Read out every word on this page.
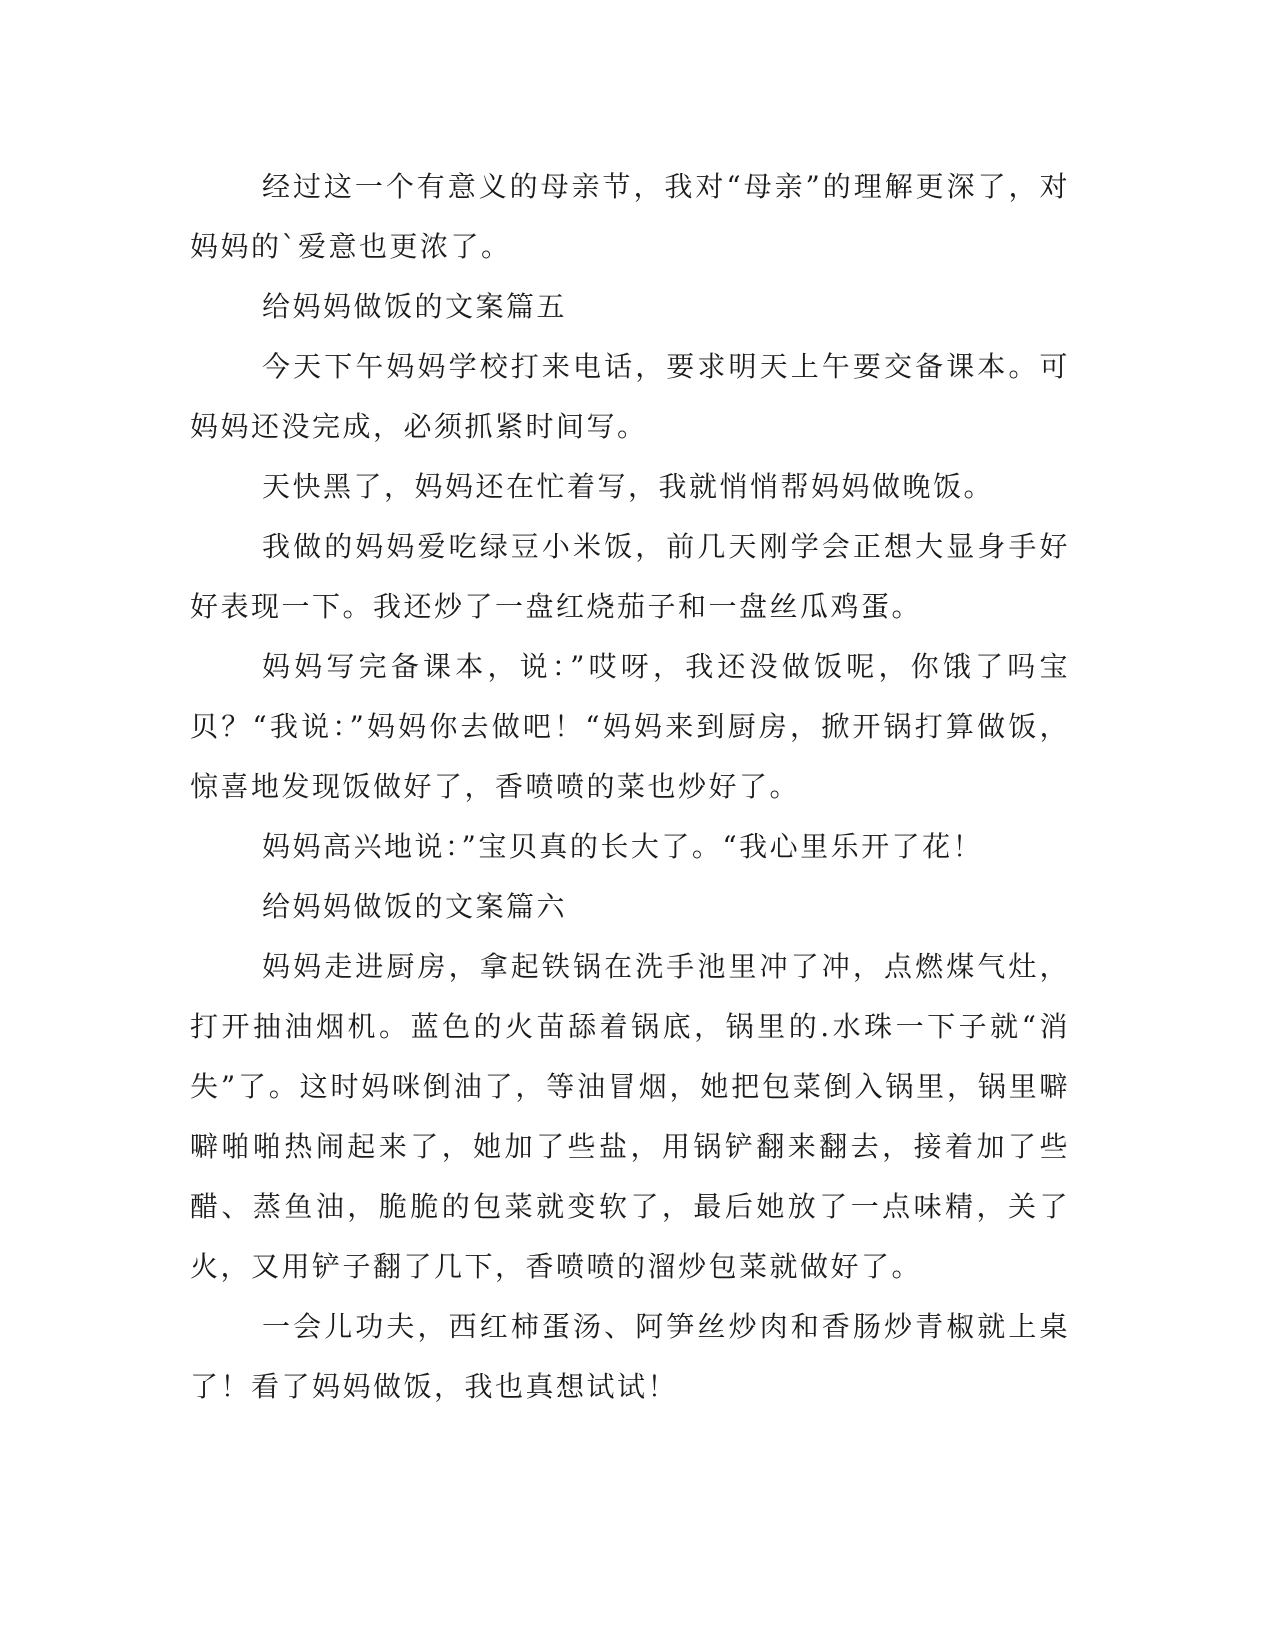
经过这一个有意义的母亲节，我对“母亲”的理解更深了，对妈妈的`爱意也更浓了。

给妈妈做饭的文案篇五

今天下午妈妈学校打来电话，要求明天上午要交备课本。可妈妈还没完成，必须抓紧时间写。

天快黑了，妈妈还在忙着写，我就悄悄帮妈妈做晚饭。

我做的妈妈爱吃绿豆小米饭，前几天刚学会正想大显身手好好表现一下。我还炒了一盘红烧茄子和一盘丝瓜鸡蛋。

妈妈写完备课本，说：”哎呀，我还没做饭呢，你饿了吗宝贝？“我说：”妈妈你去做吧！“妈妈来到厨房，掀开锅打算做饭，惊喜地发现饭做好了，香喷喷的菜也炒好了。

妈妈高兴地说：”宝贝真的长大了。“我心里乐开了花！

给妈妈做饭的文案篇六

妈妈走进厨房，拿起铁锅在洗手池里冲了冲，点燃煤气灶，打开抽油烟机。蓝色的火苗舔着锅底，锅里的.水珠一下子就“消失”了。这时妈咪倒油了，等油冒烟，她把包菜倒入锅里，锅里噼噼啪啪热闹起来了，她加了些盐，用锅铲翻来翻去，接着加了些醋、蒸鱼油，脆脆的包菜就变软了，最后她放了一点味精，关了火，又用铲子翻了几下，香喷喷的溜炒包菜就做好了。

一会儿功夫，西红柿蛋汤、阿笋丝炒肉和香肠炒青椒就上桌了！看了妈妈做饭，我也真想试试！
